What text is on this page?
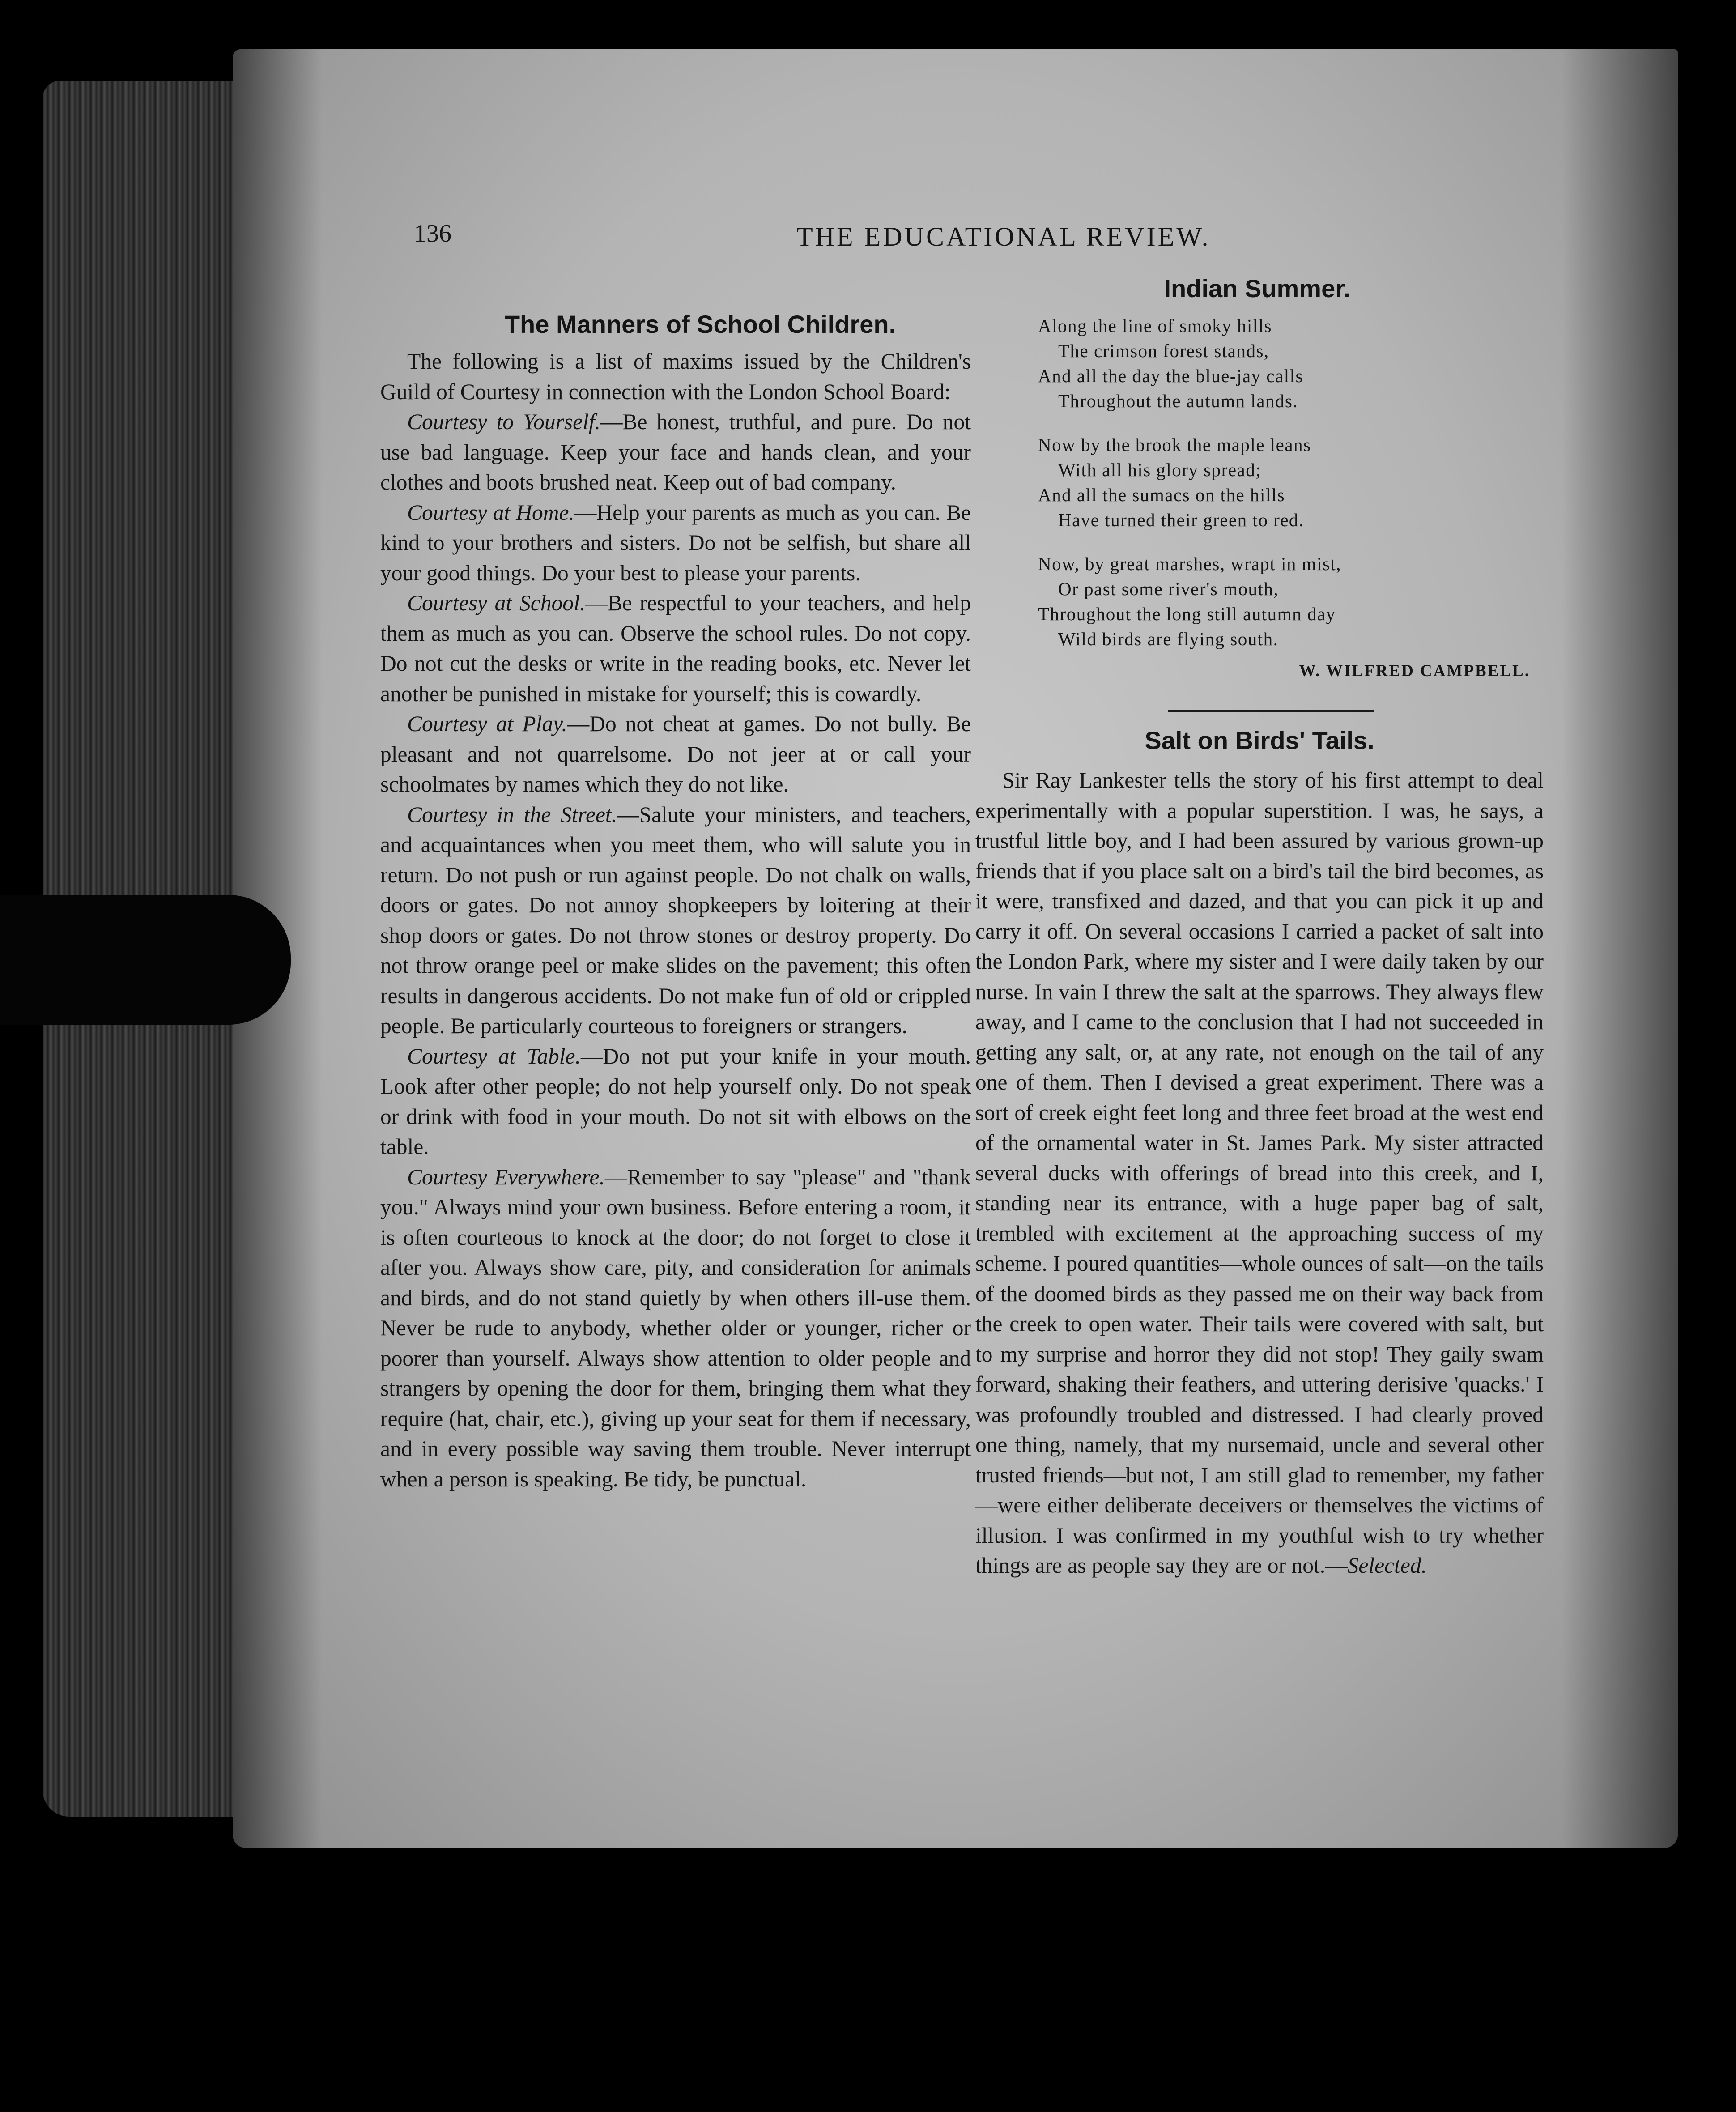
136	THE EDUCATIONAL REVIEW.
The Manners of School Children.

The following is a list of maxims issued by the Children's Guild of Courtesy in connection with the London School Board:

Courtesy to Yourself.—Be honest, truthful, and pure. Do not use bad language. Keep your face and hands clean, and your clothes and boots brushed neat. Keep out of bad company.

Courtesy at Home.—Help your parents as much as you can. Be kind to your brothers and sisters. Do not be selfish, but share all your good things. Do your best to please your parents.

Courtesy at School.—Be respectful to your teachers, and help them as much as you can. Observe the school rules. Do not copy. Do not cut the desks or write in the reading books, etc. Never let another be punished in mistake for yourself; this is cowardly.

Courtesy at Play.—Do not cheat at games. Do not bully. Be pleasant and not quarrelsome. Do not jeer at or call your schoolmates by names which they do not like.

Courtesy in the Street.—Salute your ministers, and teachers, and acquaintances when you meet them, who will salute you in return. Do not push or run against people. Do not chalk on walls, doors or gates. Do not annoy shopkeepers by loitering at their shop doors or gates. Do not throw stones or destroy property. Do not throw orange peel or make slides on the pavement; this often results in dangerous accidents. Do not make fun of old or crippled people. Be particularly courteous to foreigners or strangers.

Courtesy at Table.—Do not put your knife in your mouth. Look after other people; do not help yourself only. Do not speak or drink with food in your mouth. Do not sit with elbows on the table.

Courtesy Everywhere.—Remember to say "please" and "thank you." Always mind your own business. Before entering a room, it is often courteous to knock at the door; do not forget to close it after you. Always show care, pity, and consideration for animals and birds, and do not stand quietly by when others ill-use them. Never be rude to anybody, whether older or younger, richer or poorer than yourself. Always show attention to older people and strangers by opening the door for them, bringing them what they require (hat, chair, etc.), giving up your seat for them if necessary, and in every possible way saving them trouble. Never interrupt when a person is speaking. Be tidy, be punctual.

Indian Summer.
Along the line of smoky hills
The crimson forest stands,
And all the day the blue-jay calls
Throughout the autumn lands.
Now by the brook the maple leans
With all his glory spread;
And all the sumacs on the hills
Have turned their green to red.
Now, by great marshes, wrapt in mist,
Or past some river's mouth,
Throughout the long still autumn day
Wild birds are flying south.
W. WILFRED CAMPBELL.
Salt on Birds' Tails.

Sir Ray Lankester tells the story of his first attempt to deal experimentally with a popular superstition. I was, he says, a trustful little boy, and I had been assured by various grown-up friends that if you place salt on a bird's tail the bird becomes, as it were, transfixed and dazed, and that you can pick it up and carry it off. On several occasions I carried a packet of salt into the London Park, where my sister and I were daily taken by our nurse. In vain I threw the salt at the sparrows. They always flew away, and I came to the conclusion that I had not succeeded in getting any salt, or, at any rate, not enough on the tail of any one of them. Then I devised a great experiment. There was a sort of creek eight feet long and three feet broad at the west end of the ornamental water in St. James Park. My sister attracted several ducks with offerings of bread into this creek, and I, standing near its entrance, with a huge paper bag of salt, trembled with excitement at the approaching success of my scheme. I poured quantities—whole ounces of salt—on the tails of the doomed birds as they passed me on their way back from the creek to open water. Their tails were covered with salt, but to my surprise and horror they did not stop! They gaily swam forward, shaking their feathers, and uttering derisive 'quacks.' I was profoundly troubled and distressed. I had clearly proved one thing, namely, that my nursemaid, uncle and several other trusted friends—but not, I am still glad to remember, my father—were either deliberate deceivers or themselves the victims of illusion. I was confirmed in my youthful wish to try whether things are as people say they are or not.—Selected.
